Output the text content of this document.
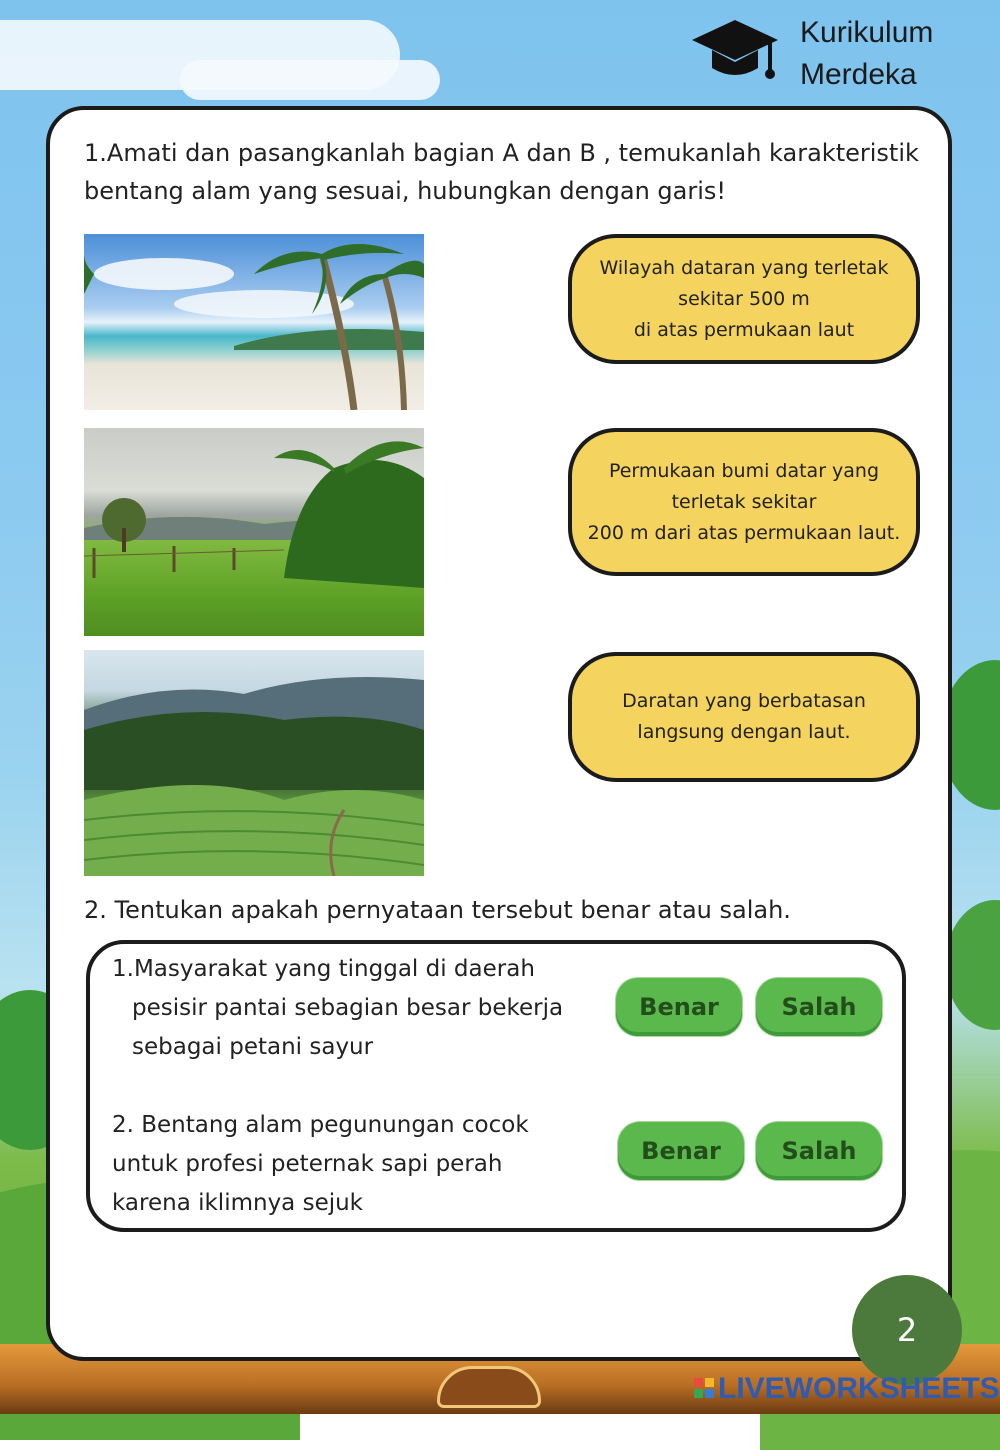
Kurikulum
Merdeka
1.Amati dan pasangkanlah bagian A dan B , temukanlah karakteristik bentang alam yang sesuai, hubungkan dengan garis!
Wilayah dataran yang terletak
sekitar 500 m
di atas permukaan laut
Permukaan bumi datar yang
terletak sekitar
200 m dari atas permukaan laut.
Daratan yang berbatasan
langsung dengan laut.
2. Tentukan apakah pernyataan tersebut benar atau salah.
1.Masyarakat yang tinggal di daerah
pesisir pantai sebagian besar bekerja
sebagai petani sayur
2. Bentang alam pegunungan cocok
untuk profesi peternak sapi perah
karena iklimnya sejuk
Benar	Salah
Benar	Salah
2
LIVEWORKSHEETS
